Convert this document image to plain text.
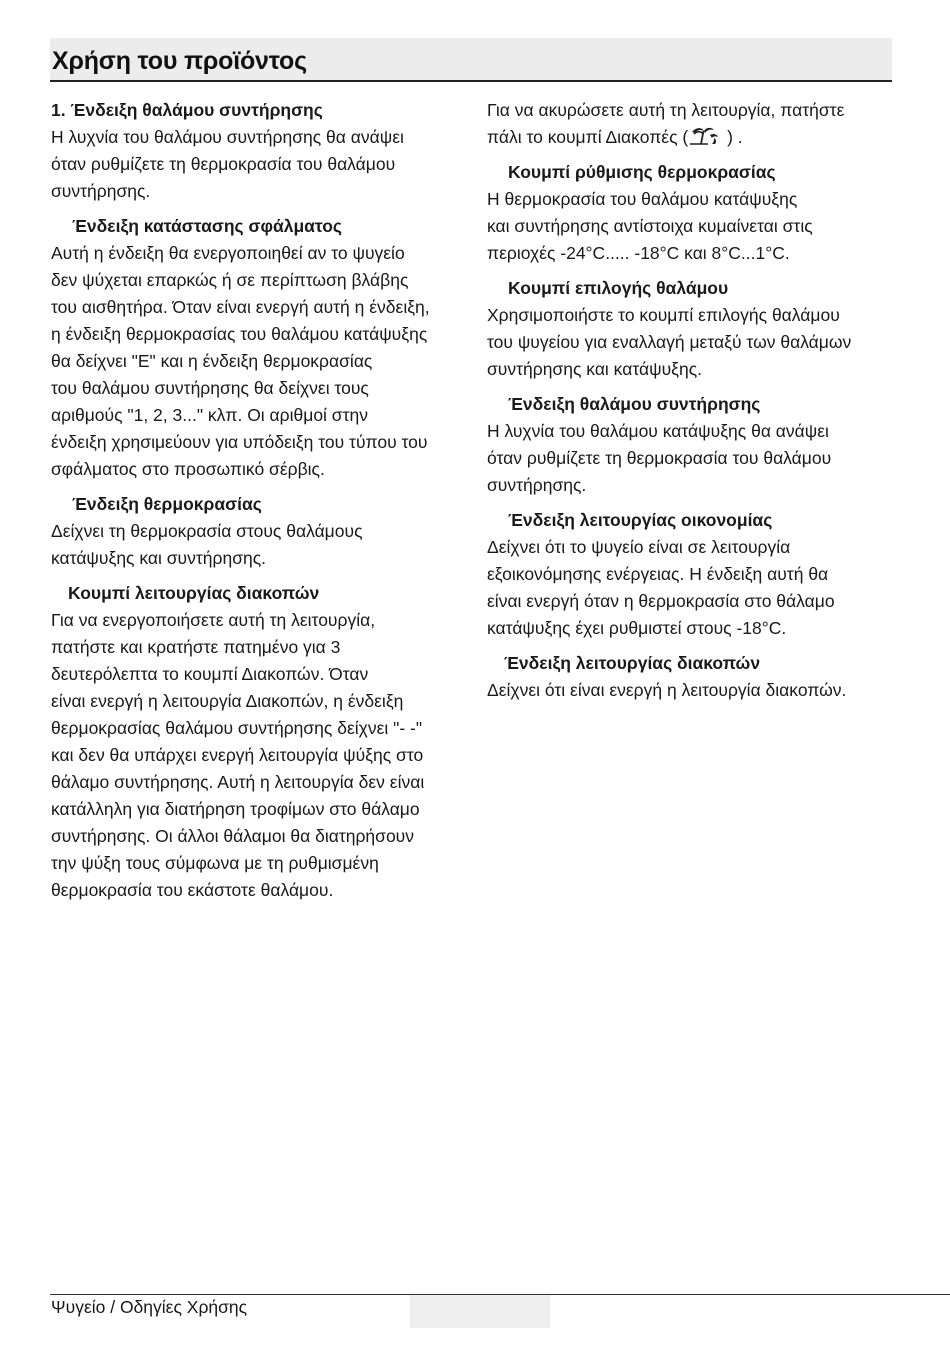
Χρήση του προϊόντος
1. Ένδειξη θαλάμου συντήρησης
Η λυχνία του θαλάμου συντήρησης θα ανάψει
όταν ρυθμίζετε τη θερμοκρασία του θαλάμου
συντήρησης.
Ένδειξη κατάστασης σφάλματος
Αυτή η ένδειξη θα ενεργοποιηθεί αν το ψυγείο
δεν ψύχεται επαρκώς ή σε περίπτωση βλάβης
του αισθητήρα. Όταν είναι ενεργή αυτή η ένδειξη,
η ένδειξη θερμοκρασίας του θαλάμου κατάψυξης
θα δείχνει "E" και η ένδειξη θερμοκρασίας
του θαλάμου συντήρησης θα δείχνει τους
αριθμούς "1, 2, 3..." κλπ. Οι αριθμοί στην
ένδειξη χρησιμεύουν για υπόδειξη του τύπου του
σφάλματος στο προσωπικό σέρβις.
Ένδειξη θερμοκρασίας
Δείχνει τη θερμοκρασία στους θαλάμους
κατάψυξης και συντήρησης.
Κουμπί λειτουργίας διακοπών
Για να ενεργοποιήσετε αυτή τη λειτουργία,
πατήστε και κρατήστε πατημένο για 3
δευτερόλεπτα το κουμπί Διακοπών. Όταν
είναι ενεργή η λειτουργία Διακοπών, η ένδειξη
θερμοκρασίας θαλάμου συντήρησης δείχνει "- -"
και δεν θα υπάρχει ενεργή λειτουργία ψύξης στο
θάλαμο συντήρησης. Αυτή η λειτουργία δεν είναι
κατάλληλη για διατήρηση τροφίμων στο θάλαμο
συντήρησης. Οι άλλοι θάλαμοι θα διατηρήσουν
την ψύξη τους σύμφωνα με τη ρυθμισμένη
θερμοκρασία του εκάστοτε θαλάμου.
Για να ακυρώσετε αυτή τη λειτουργία, πατήστε
πάλι το κουμπί Διακοπές ( ) .
Κουμπί ρύθμισης θερμοκρασίας
Η θερμοκρασία του θαλάμου κατάψυξης
και συντήρησης αντίστοιχα κυμαίνεται στις
περιοχές -24°C..... -18°C και 8°C...1°C.
Κουμπί επιλογής θαλάμου
Χρησιμοποιήστε το κουμπί επιλογής θαλάμου
του ψυγείου για εναλλαγή μεταξύ των θαλάμων
συντήρησης και κατάψυξης.
Ένδειξη θαλάμου συντήρησης
Η λυχνία του θαλάμου κατάψυξης θα ανάψει
όταν ρυθμίζετε τη θερμοκρασία του θαλάμου
συντήρησης.
Ένδειξη λειτουργίας οικονομίας
Δείχνει ότι το ψυγείο είναι σε λειτουργία
εξοικονόμησης ενέργειας. Η ένδειξη αυτή θα
είναι ενεργή όταν η θερμοκρασία στο θάλαμο
κατάψυξης έχει ρυθμιστεί στους -18°C.
Ένδειξη λειτουργίας διακοπών
Δείχνει ότι είναι ενεργή η λειτουργία διακοπών.
Ψυγείο / Οδηγίες Χρήσης
